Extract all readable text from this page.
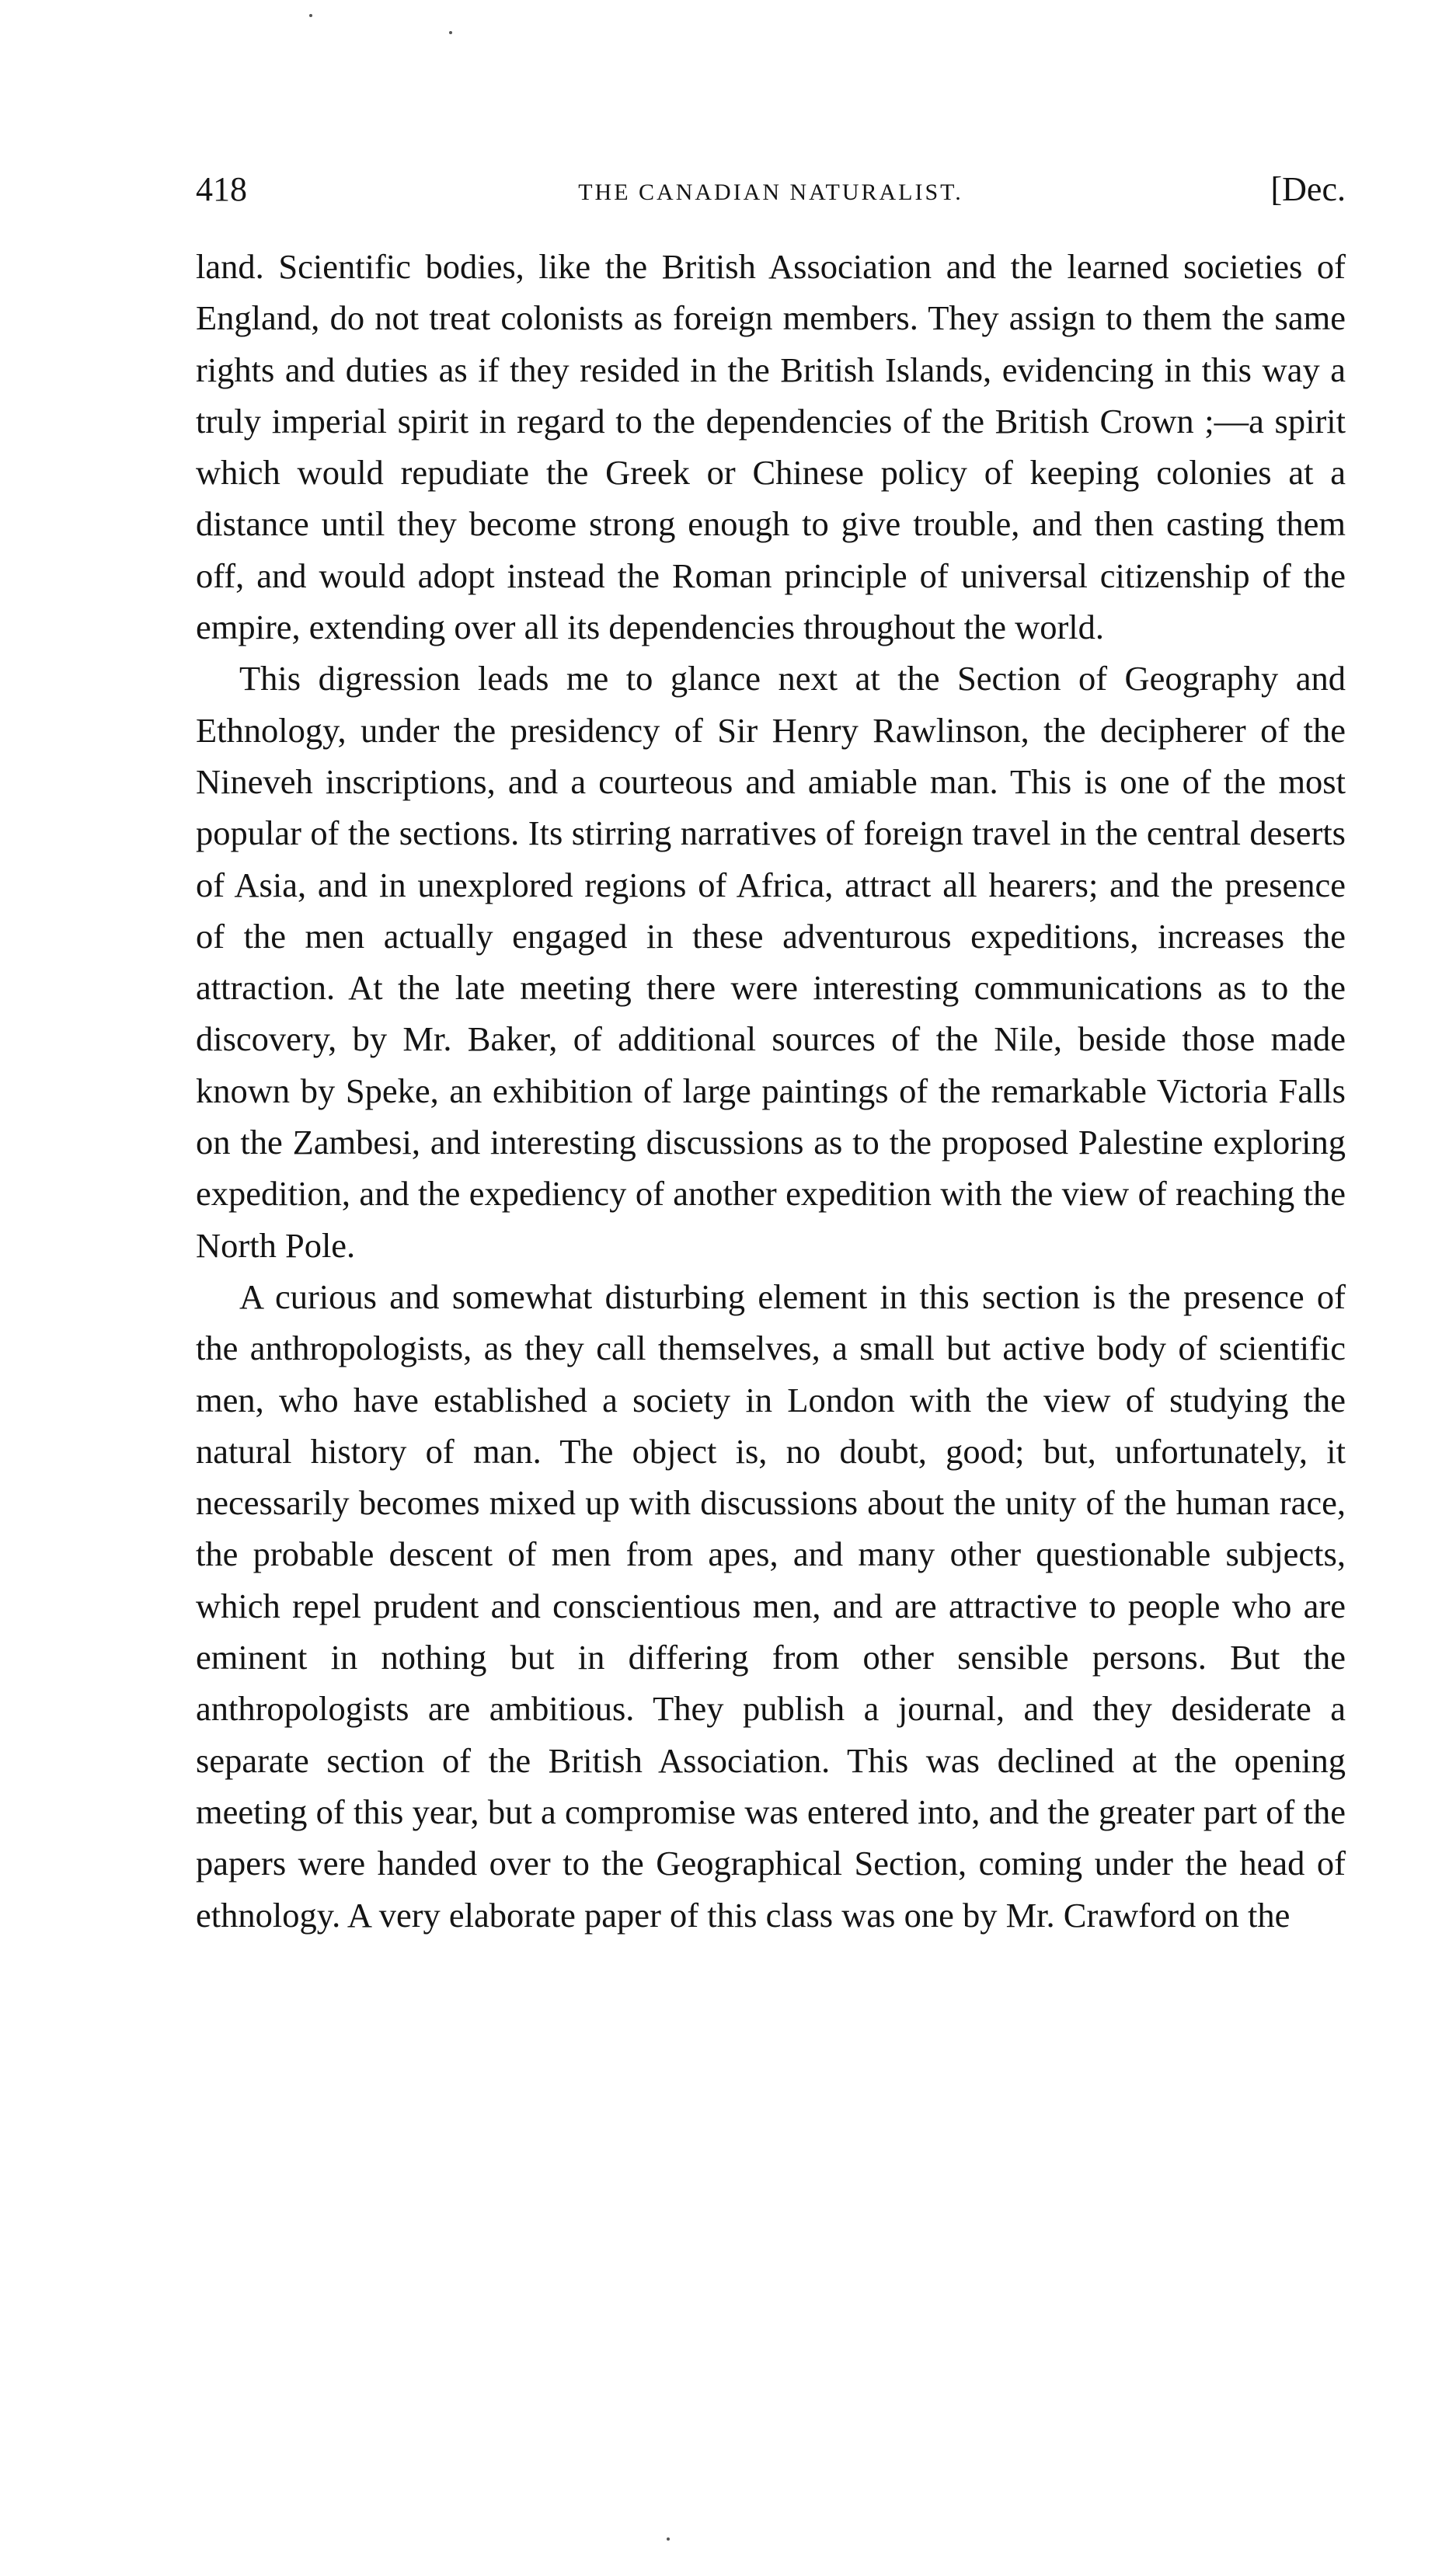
418	THE CANADIAN NATURALIST.	[Dec.

land. Scientific bodies, like the British Association and the learned societies of England, do not treat colonists as foreign members. They assign to them the same rights and duties as if they resided in the British Islands, evidencing in this way a truly imperial spirit in regard to the dependencies of the British Crown ;—a spirit which would repudiate the Greek or Chinese policy of keeping colonies at a distance until they become strong enough to give trouble, and then casting them off, and would adopt instead the Roman principle of universal citizenship of the empire, extending over all its dependencies throughout the world.

This digression leads me to glance next at the Section of Geography and Ethnology, under the presidency of Sir Henry Rawlinson, the decipherer of the Nineveh inscriptions, and a courteous and amiable man. This is one of the most popular of the sections. Its stirring narratives of foreign travel in the central deserts of Asia, and in unexplored regions of Africa, attract all hearers; and the presence of the men actually engaged in these adventurous expeditions, increases the attraction. At the late meeting there were interesting communications as to the discovery, by Mr. Baker, of additional sources of the Nile, beside those made known by Speke, an exhibition of large paintings of the remarkable Victoria Falls on the Zambesi, and interesting discussions as to the proposed Palestine exploring expedition, and the expediency of another expedition with the view of reaching the North Pole.

A curious and somewhat disturbing element in this section is the presence of the anthropologists, as they call themselves, a small but active body of scientific men, who have established a society in London with the view of studying the natural history of man. The object is, no doubt, good; but, unfortunately, it necessarily becomes mixed up with discussions about the unity of the human race, the probable descent of men from apes, and many other questionable subjects, which repel prudent and conscientious men, and are attractive to people who are eminent in nothing but in differing from other sensible persons. But the anthropologists are ambitious. They publish a journal, and they desiderate a separate section of the British Association. This was declined at the opening meeting of this year, but a compromise was entered into, and the greater part of the papers were handed over to the Geographical Section, coming under the head of ethnology. A very elaborate paper of this class was one by Mr. Crawford on the
